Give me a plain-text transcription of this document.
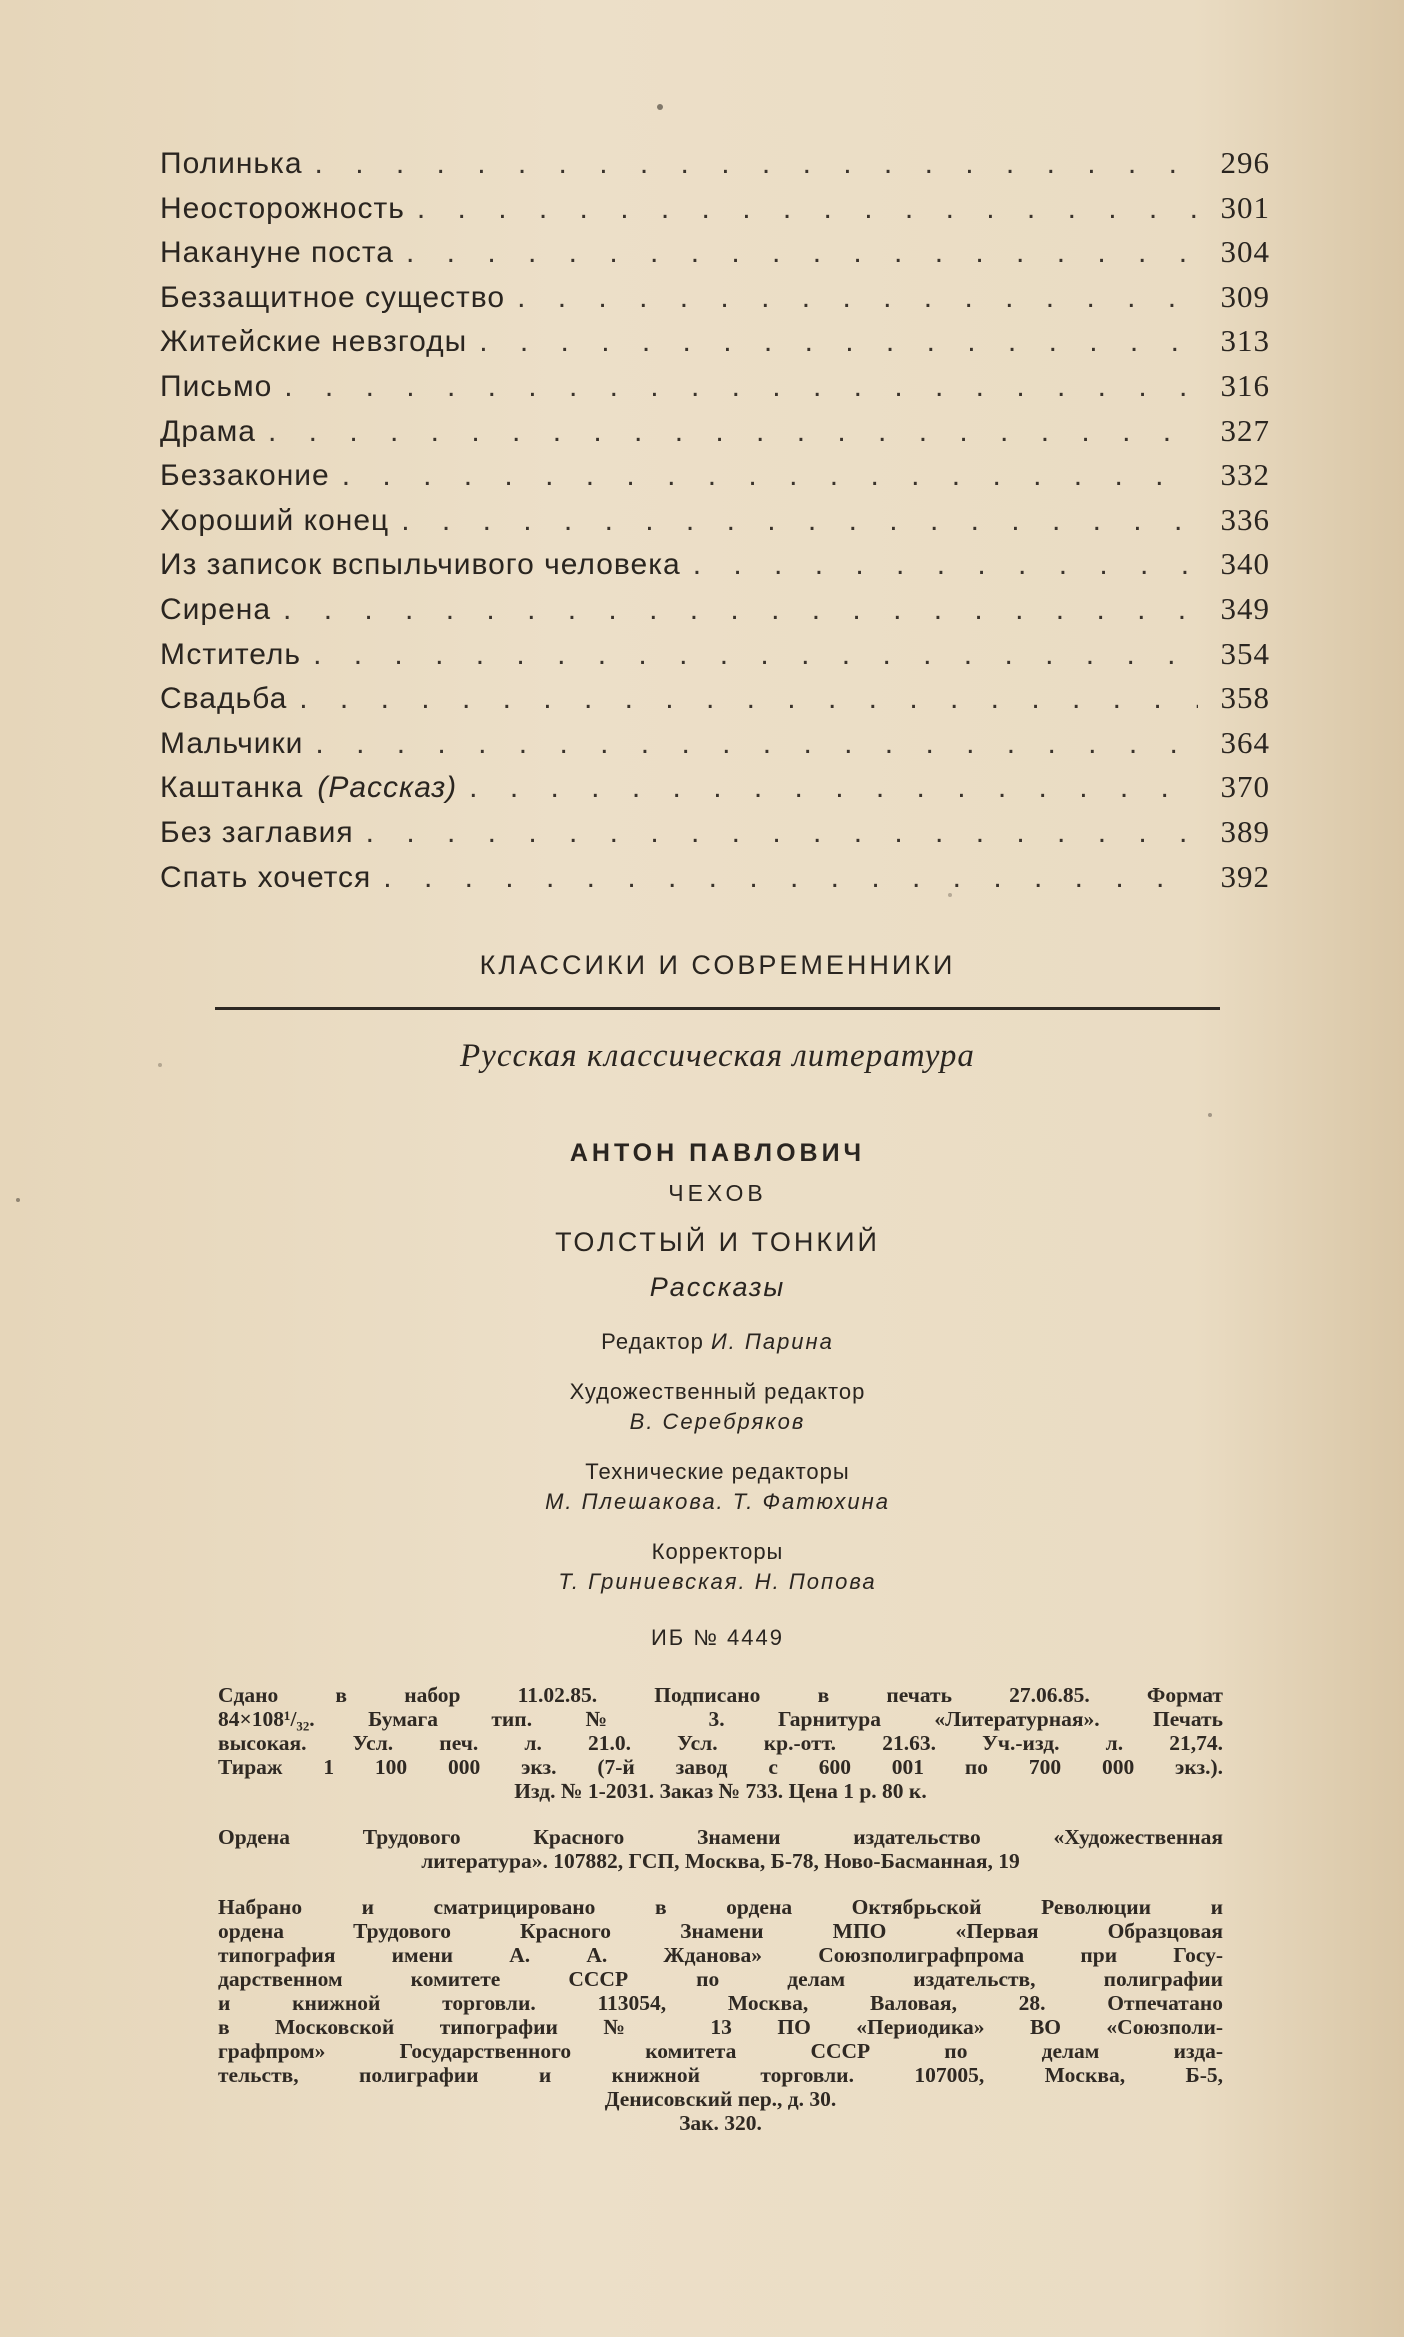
Полинька . . .	296
Неосторожность . . .	301
Накануне поста . . .	304
Беззащитное существо . . .	309
Житейские невзгоды . . .	313
Письмо . . .	316
Драма . . .	327
Беззаконие . . .	332
Хороший конец . . .	336
Из записок вспыльчивого человека . . .	340
Сирена . . .	349
Мститель . . .	354
Свадьба . . .	358
Мальчики . . .	364
Каштанка (Рассказ) . . .	370
Без заглавия . . .	389
Спать хочется . . .	392
КЛАССИКИ И СОВРЕМЕННИКИ
Русская классическая литература
АНТОН ПАВЛОВИЧ
ЧЕХОВ
ТОЛСТЫЙ И ТОНКИЙ
Рассказы
Редактор И. Парина
Художественный редактор
В. Серебряков
Технические редакторы
М. Плешакова. Т. Фатюхина
Корректоры
Т. Гриниевская. Н. Попова
ИБ № 4449

Сдано в набор 11.02.85. Подписано в печать 27.06.85. Формат
84×108¹/₃₂. Бумага тип. № 3. Гарнитура «Литературная». Печать
высокая. Усл. печ. л. 21.0. Усл. кр.-отт. 21.63. Уч.-изд. л. 21,74.
Тираж 1 100 000 экз. (7-й завод с 600 001 по 700 000 экз.).
Изд. № 1-2031. Заказ № 733. Цена 1 р. 80 к.

Ордена Трудового Красного Знамени издательство «Художественная
литература». 107882, ГСП, Москва, Б-78, Ново-Басманная, 19

Набрано и сматрицировано в ордена Октябрьской Революции и
ордена Трудового Красного Знамени МПО «Первая Образцовая
типография имени А. А. Жданова» Союзполиграфпрома при Госу-
дарственном комитете СССР по делам издательств, полиграфии
и книжной торговли. 113054, Москва, Валовая, 28. Отпечатано
в Московской типографии № 13 ПО «Периодика» ВО «Союзполи-
графпром» Государственного комитета СССР по делам изда-
тельств, полиграфии и книжной торговли. 107005, Москва, Б-5,
Денисовский пер., д. 30.
Зак. 320.
